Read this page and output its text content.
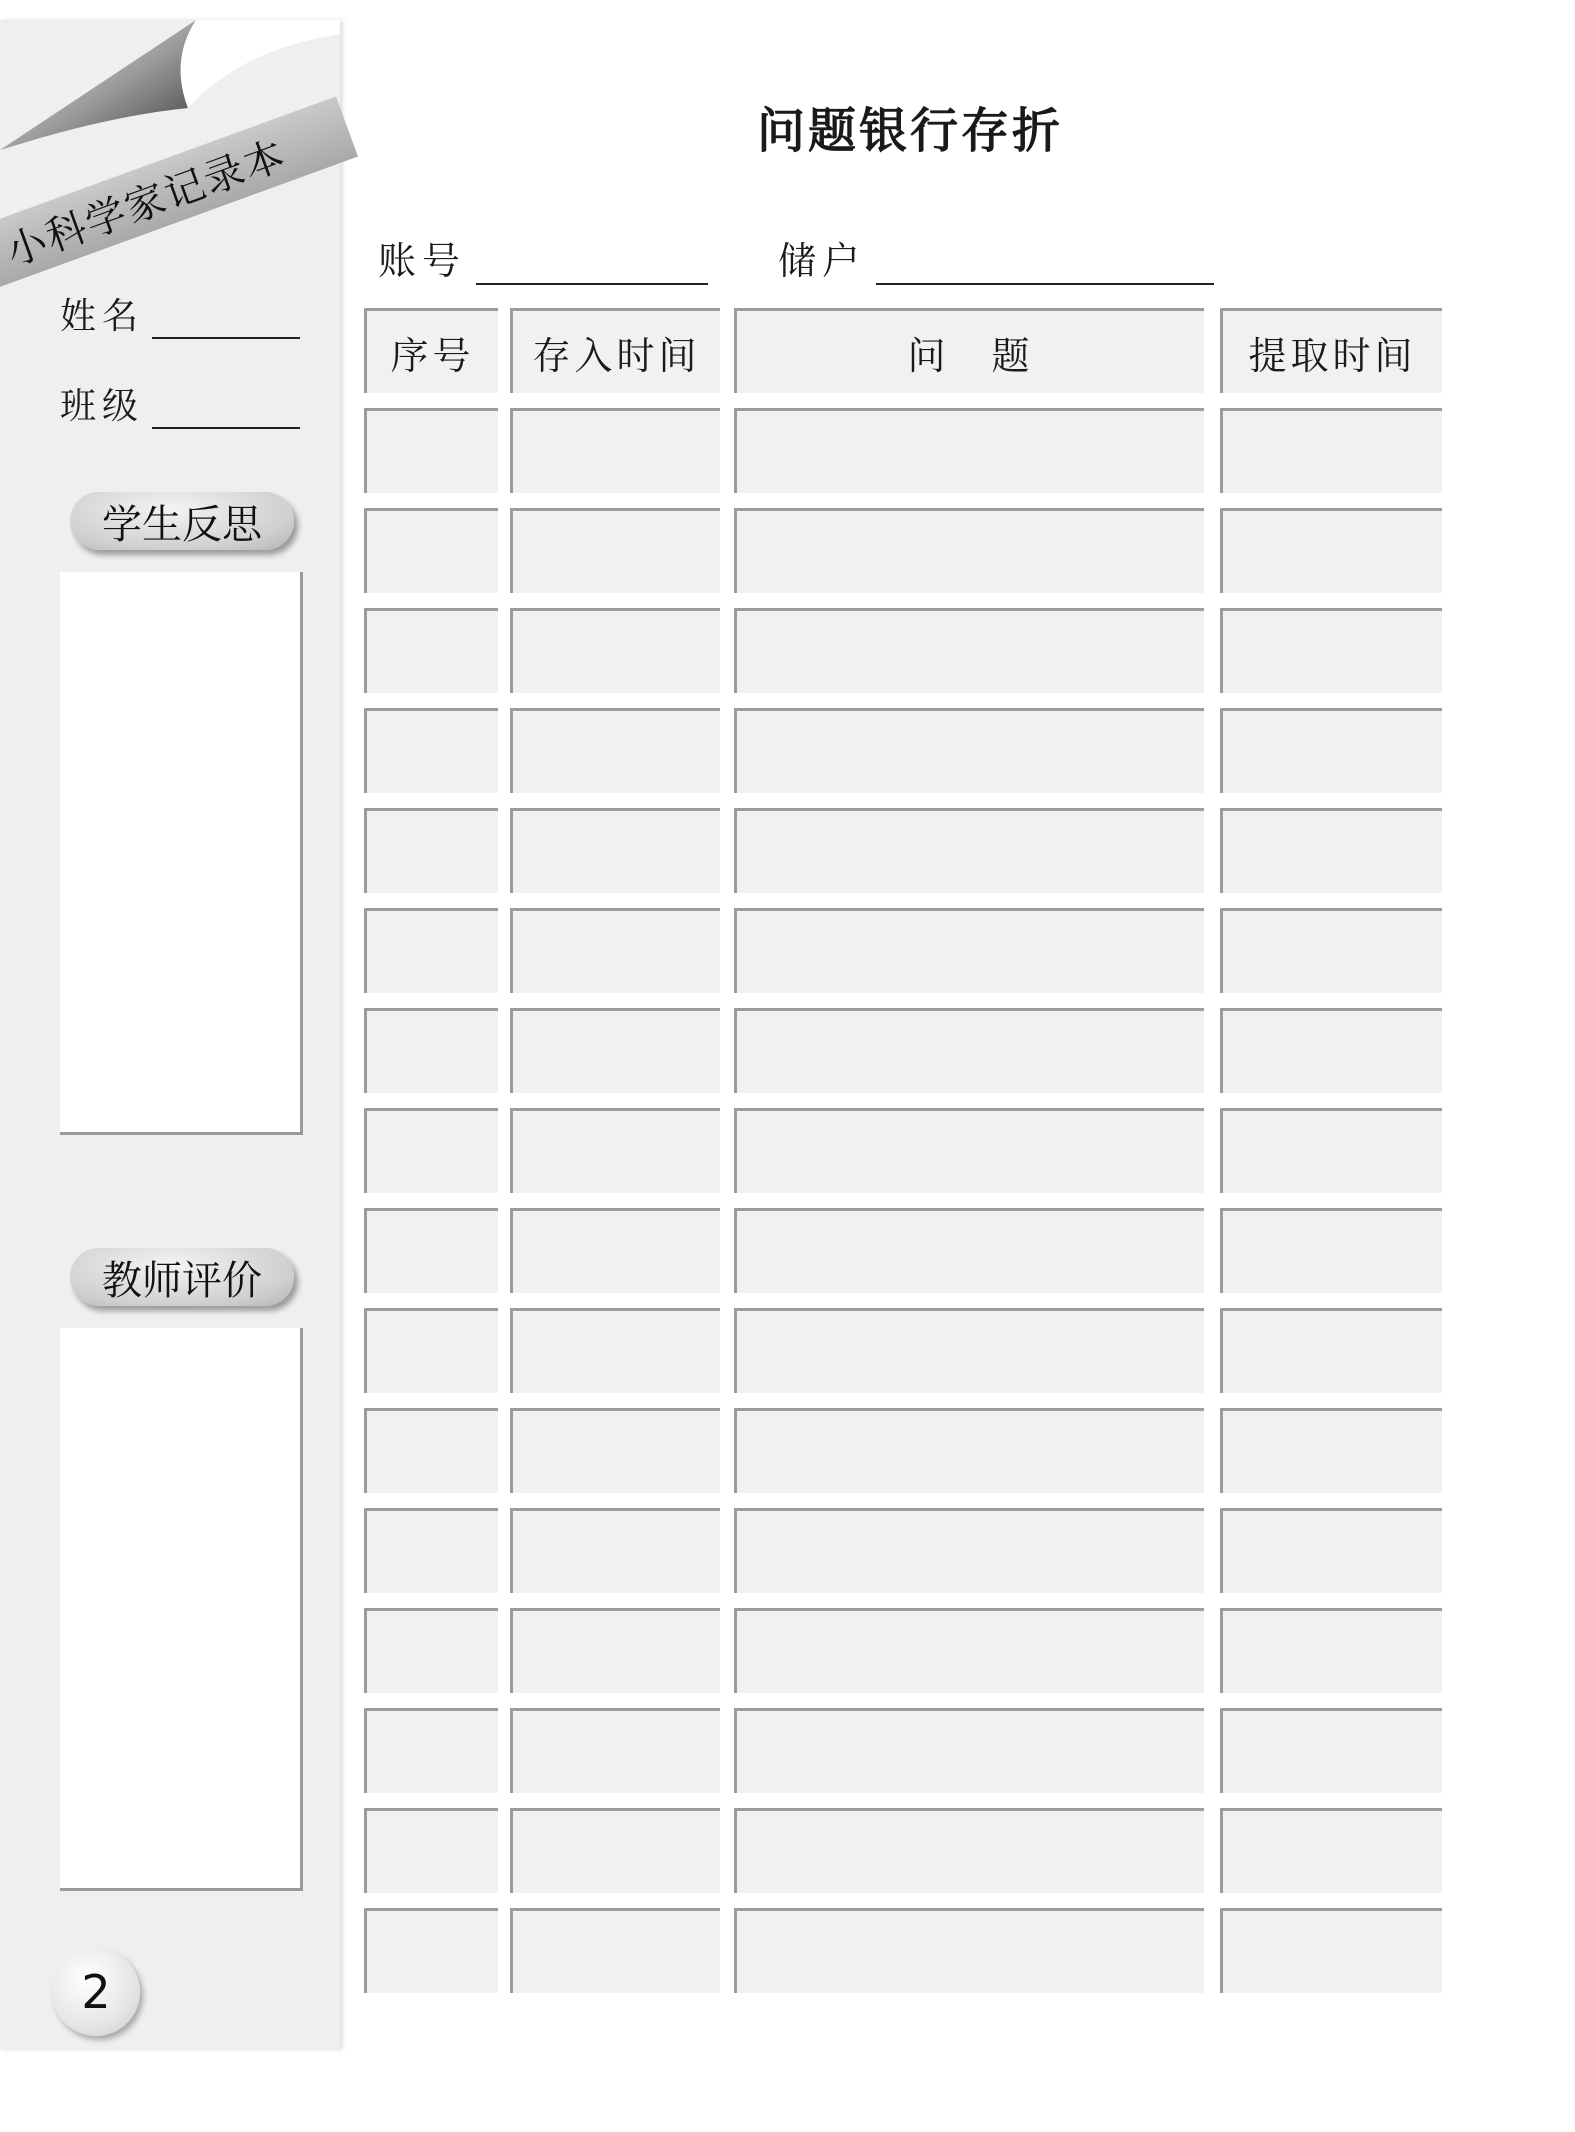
小科学家记录本
姓名
班级
学生反思
教师评价
2
问题银行存折
账号	储户
序号	存入时间	问　题	提取时间
